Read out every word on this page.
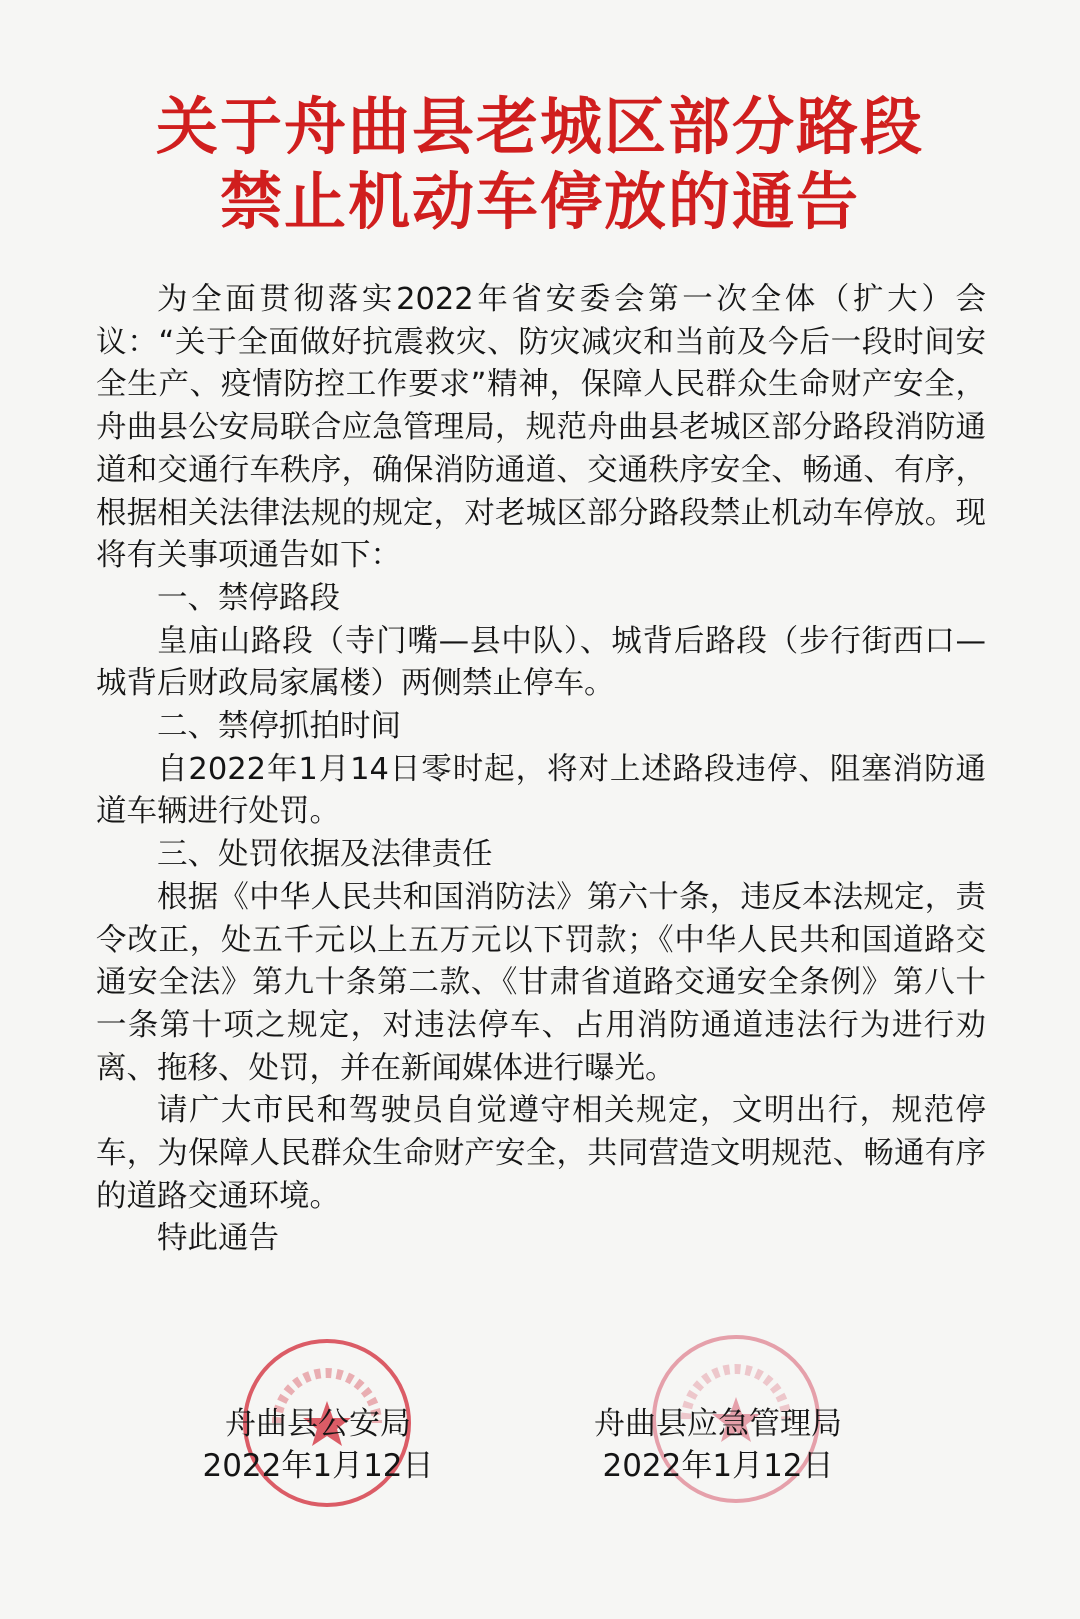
关于舟曲县老城区部分路段
禁止机动车停放的通告

为全面贯彻落实2022年省安委会第一次全体（扩大）会议：“关于全面做好抗震救灾、防灾减灾和当前及今后一段时间安全生产、疫情防控工作要求”精神，保障人民群众生命财产安全，舟曲县公安局联合应急管理局，规范舟曲县老城区部分路段消防通道和交通行车秩序，确保消防通道、交通秩序安全、畅通、有序，根据相关法律法规的规定，对老城区部分路段禁止机动车停放。现将有关事项通告如下：

一、禁停路段

皇庙山路段（寺门嘴—县中队）、城背后路段（步行街西口—城背后财政局家属楼）两侧禁止停车。

二、禁停抓拍时间

自2022年1月14日零时起，将对上述路段违停、阻塞消防通道车辆进行处罚。

三、处罚依据及法律责任

根据《中华人民共和国消防法》第六十条，违反本法规定，责令改正，处五千元以上五万元以下罚款；《中华人民共和国道路交通安全法》第九十条第二款、《甘肃省道路交通安全条例》第八十一条第十项之规定，对违法停车、占用消防通道违法行为进行劝离、拖移、处罚，并在新闻媒体进行曝光。

请广大市民和驾驶员自觉遵守相关规定，文明出行，规范停车，为保障人民群众生命财产安全，共同营造文明规范、畅通有序的道路交通环境。

特此通告

舟曲县公安局
2022年1月12日
舟曲县应急管理局
2022年1月12日
